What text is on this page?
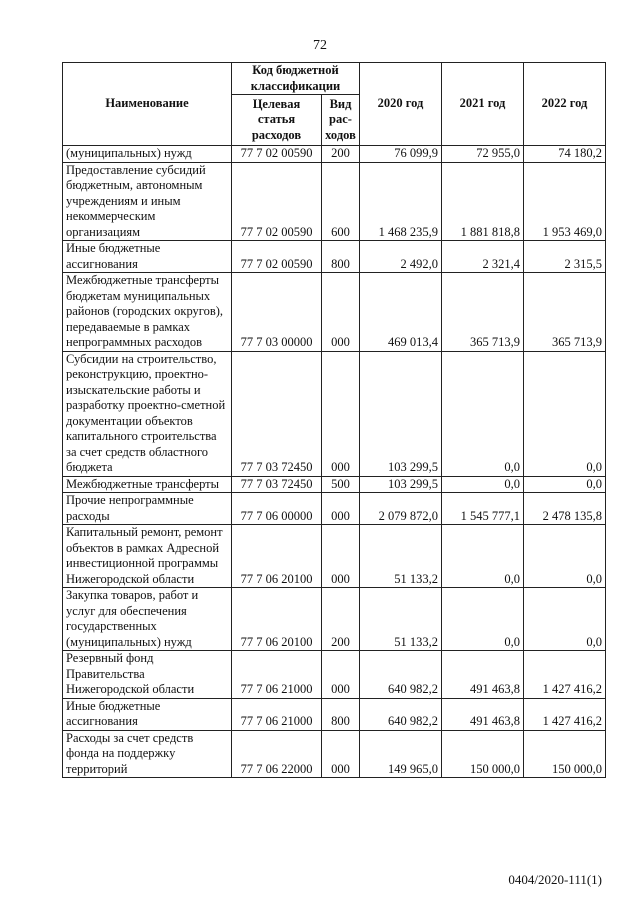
72
Наименование	Код бюджетной классификации		2020 год	2021 год	2022 год
	Целевая статья расходов	Вид рас-ходов			
(муниципальных) нужд	77 7 02 00590	200	76 099,9	72 955,0	74 180,2
Предоставление субсидий бюджетным, автономным учреждениям и иным некоммерческим организациям	77 7 02 00590	600	1 468 235,9	1 881 818,8	1 953 469,0
Иные бюджетные ассигнования	77 7 02 00590	800	2 492,0	2 321,4	2 315,5
Межбюджетные трансферты бюджетам муниципальных районов (городских округов), передаваемые в рамках непрограммных расходов	77 7 03 00000	000	469 013,4	365 713,9	365 713,9
Субсидии на строительство, реконструкцию, проектно-изыскательские работы и разработку проектно-сметной документации объектов капитального строительства за счет средств областного бюджета	77 7 03 72450	000	103 299,5	0,0	0,0
Межбюджетные трансферты	77 7 03 72450	500	103 299,5	0,0	0,0
Прочие непрограммные расходы	77 7 06 00000	000	2 079 872,0	1 545 777,1	2 478 135,8
Капитальный ремонт, ремонт объектов в рамках Адресной инвестиционной программы Нижегородской области	77 7 06 20100	000	51 133,2	0,0	0,0
Закупка товаров, работ и услуг для обеспечения государственных (муниципальных) нужд	77 7 06 20100	200	51 133,2	0,0	0,0
Резервный фонд Правительства Нижегородской области	77 7 06 21000	000	640 982,2	491 463,8	1 427 416,2
Иные бюджетные ассигнования	77 7 06 21000	800	640 982,2	491 463,8	1 427 416,2
Расходы за счет средств фонда на поддержку территорий	77 7 06 22000	000	149 965,0	150 000,0	150 000,0
0404/2020-111(1)
